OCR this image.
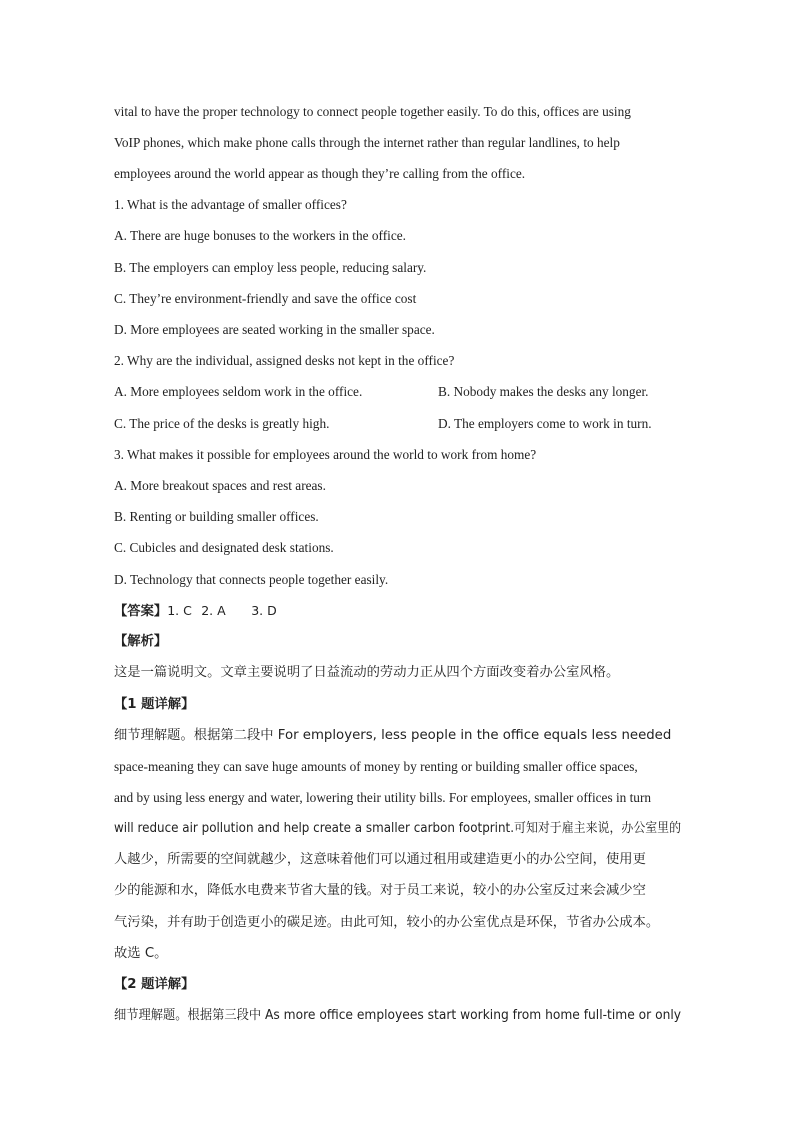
vital to have the proper technology to connect people together easily. To do this, offices are using
VoIP phones, which make phone calls through the internet rather than regular landlines, to help
employees around the world appear as though they’re calling from the office.
1. What is the advantage of smaller offices?
A. There are huge bonuses to the workers in the office.
B. The employers can employ less people, reducing salary.
C. They’re environment-friendly and save the office cost
D. More employees are seated working in the smaller space.
2. Why are the individual, assigned desks not kept in the office?
A. More employees seldom work in the office.	B. Nobody makes the desks any longer.
C. The price of the desks is greatly high.	D. The employers come to work in turn.
3. What makes it possible for employees around the world to work from home?
A. More breakout spaces and rest areas.
B. Renting or building smaller offices.
C. Cubicles and designated desk stations.
D. Technology that connects people together easily.
【答案】1. C 2. A 3. D
【解析】
这是一篇说明文。文章主要说明了日益流动的劳动力正从四个方面改变着办公室风格。
【1 题详解】
细节理解题。根据第二段中 For employers, less people in the office equals less needed
space-meaning they can save huge amounts of money by renting or building smaller office spaces,
and by using less energy and water, lowering their utility bills. For employees, smaller offices in turn
will reduce air pollution and help create a smaller carbon footprint.可知对于雇主来说，办公室里的
人越少，所需要的空间就越少，这意味着他们可以通过租用或建造更小的办公空间，使用更
少的能源和水，降低水电费来节省大量的钱。对于员工来说，较小的办公室反过来会减少空
气污染，并有助于创造更小的碳足迹。由此可知，较小的办公室优点是环保，节省办公成本。
故选 C。
【2 题详解】
细节理解题。根据第三段中 As more office employees start working from home full-time or only
